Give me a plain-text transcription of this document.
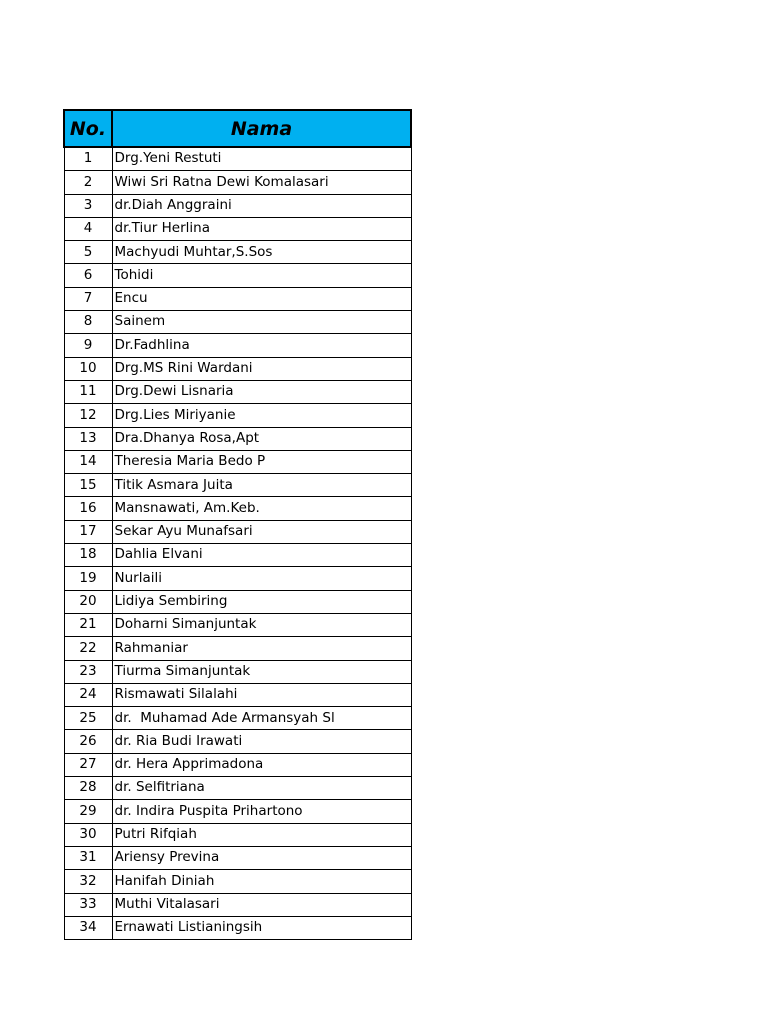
No.	Nama
1	Drg.Yeni Restuti
2	Wiwi Sri Ratna Dewi Komalasari
3	dr.Diah Anggraini
4	dr.Tiur Herlina
5	Machyudi Muhtar,S.Sos
6	Tohidi
7	Encu
8	Sainem
9	Dr.Fadhlina
10	Drg.MS Rini Wardani
11	Drg.Dewi Lisnaria
12	Drg.Lies Miriyanie
13	Dra.Dhanya Rosa,Apt
14	Theresia Maria Bedo P
15	Titik Asmara Juita
16	Mansnawati, Am.Keb.
17	Sekar Ayu Munafsari
18	Dahlia Elvani
19	Nurlaili
20	Lidiya Sembiring
21	Doharni Simanjuntak
22	Rahmaniar
23	Tiurma Simanjuntak
24	Rismawati Silalahi
25	dr.  Muhamad Ade Armansyah Sl
26	dr. Ria Budi Irawati
27	dr. Hera Apprimadona
28	dr. Selfitriana
29	dr. Indira Puspita Prihartono
30	Putri Rifqiah
31	Ariensy Previna
32	Hanifah Diniah
33	Muthi Vitalasari
34	Ernawati Listianingsih
